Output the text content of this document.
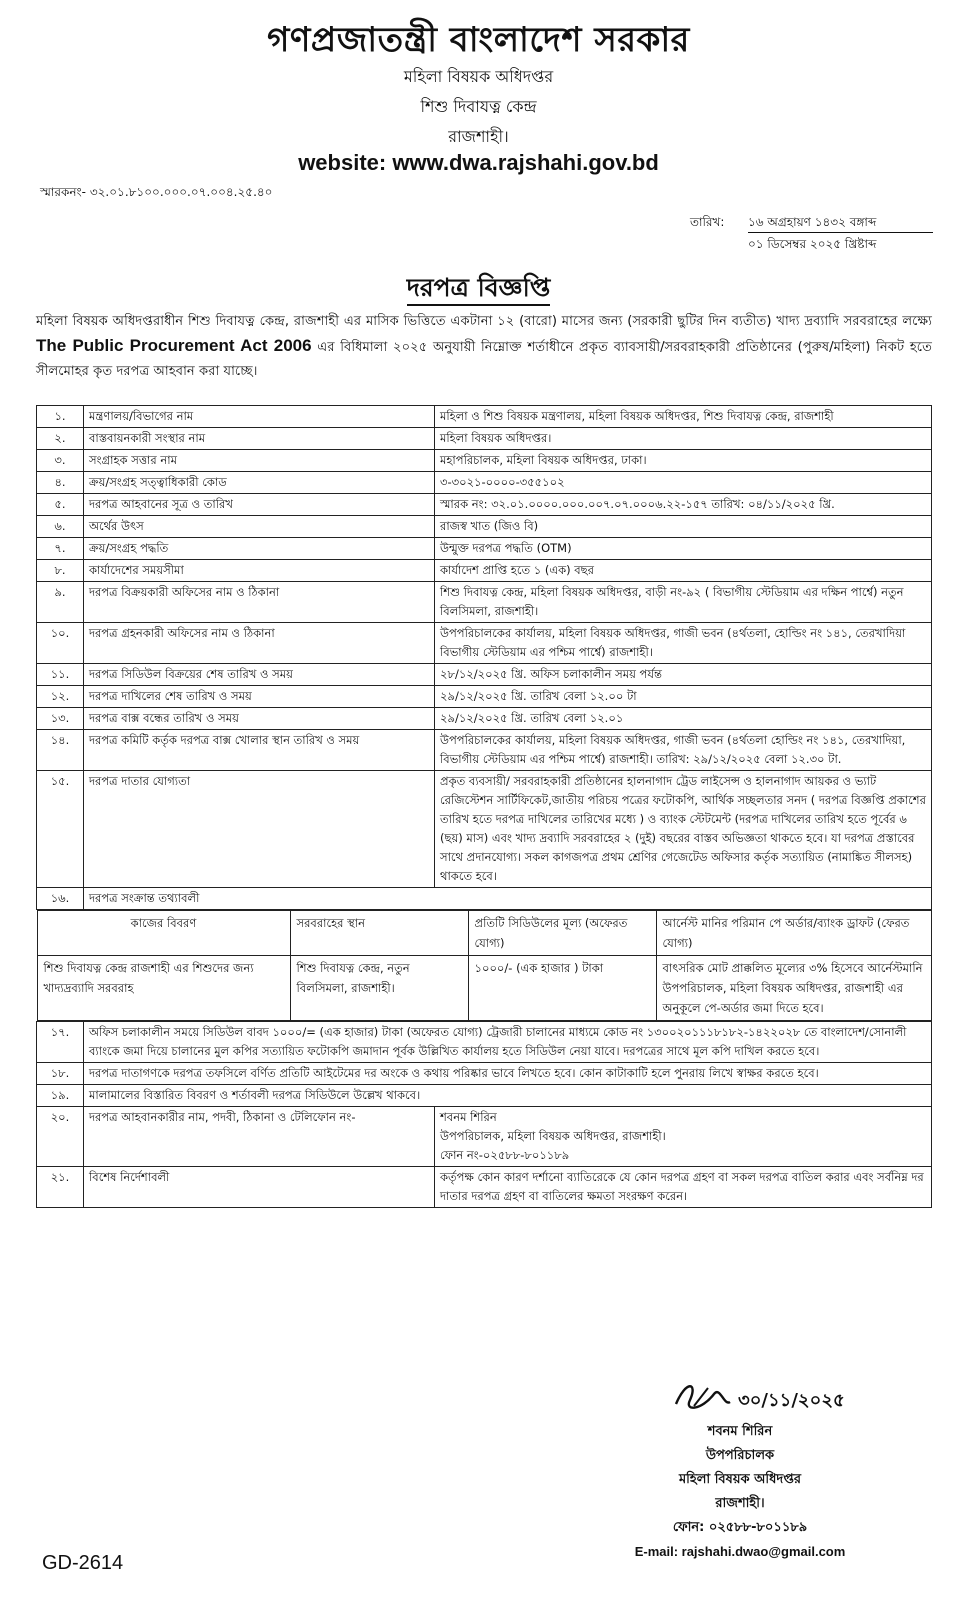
গণপ্রজাতন্ত্রী বাংলাদেশ সরকার
মহিলা বিষয়ক অধিদপ্তর
শিশু দিবাযত্ন কেন্দ্র
রাজশাহী।
website: www.dwa.rajshahi.gov.bd
স্মারকনং- ৩২.০১.৮১০০.০০০.০৭.০০৪.২৫.৪০
তারিখ: ১৬ অগ্রহায়ণ ১৪৩২ বঙ্গাব্দ
০১ ডিসেম্বর ২০২৫ খ্রিষ্টাব্দ
দরপত্র বিজ্ঞপ্তি
মহিলা বিষয়ক অধিদপ্তরাধীন শিশু দিবাযত্ন কেন্দ্র, রাজশাহী এর মাসিক ভিত্তিতে একটানা ১২ (বারো) মাসের জন্য (সরকারী ছুটির দিন ব্যতীত) খাদ্য দ্রব্যাদি সরবরাহের লক্ষ্যে The Public Procurement Act 2006 এর বিধিমালা ২০২৫ অনুযায়ী নিম্নোক্ত শর্তাধীনে প্রকৃত ব্যাবসায়ী/সরবরাহকারী প্রতিষ্ঠানের (পুরুষ/মহিলা) নিকট হতে সীলমোহর কৃত দরপত্র আহবান করা যাচ্ছে।
১.	মন্ত্রণালয়/বিভাগের নাম	মহিলা ও শিশু বিষয়ক মন্ত্রণালয়, মহিলা বিষয়ক অধিদপ্তর, শিশু দিবাযত্ন কেন্দ্র, রাজশাহী
২.	বাস্তবায়নকারী সংস্থার নাম	মহিলা বিষয়ক অধিদপ্তর।
৩.	সংগ্রাহক সত্তার নাম	মহাপরিচালক, মহিলা বিষয়ক অধিদপ্তর, ঢাকা।
৪.	ক্রয়/সংগ্রহ সত্ত্বাধিকারী কোড	৩-৩০২১-০০০০-৩৫৫১০২
৫.	দরপত্র আহবানের সূত্র ও তারিখ	স্মারক নং: ৩২.০১.০০০০.০০০.০০৭.০৭.০০০৬.২২-১৫৭ তারিখ: ০৪/১১/২০২৫ খ্রি.
৬.	অর্থের উৎস	রাজস্ব খাত (জিও বি)
৭.	ক্রয়/সংগ্রহ পদ্ধতি	উন্মুক্ত দরপত্র পদ্ধতি (OTM)
৮.	কার্যাদেশের সময়সীমা	কার্যাদেশ প্রাপ্তি হতে ১ (এক) বছর
৯.	দরপত্র বিক্রয়কারী অফিসের নাম ও ঠিকানা	শিশু দিবাযত্ন কেন্দ্র, মহিলা বিষয়ক অধিদপ্তর, বাড়ী নং-৯২ ( বিভাগীয় স্টেডিয়াম এর দক্ষিন পার্শ্বে) নতুন বিলসিমলা, রাজশাহী।
১০.	দরপত্র গ্রহনকারী অফিসের নাম ও ঠিকানা	উপপরিচালকের কার্যালয়, মহিলা বিষয়ক অধিদপ্তর, গাজী ভবন (৪র্থতলা, হোল্ডিং নং ১৪১, তেরখাদিয়া বিভাগীয় স্টেডিয়াম এর পশ্চিম পার্শ্বে) রাজশাহী।
১১.	দরপত্র সিডিউল বিক্রয়ের শেষ তারিখ ও সময়	২৮/১২/২০২৫ খ্রি. অফিস চলাকালীন সময় পর্যন্ত
১২.	দরপত্র দাখিলের শেষ তারিখ ও সময়	২৯/১২/২০২৫ খ্রি. তারিখ বেলা ১২.০০ টা
১৩.	দরপত্র বাক্স বন্ধের তারিখ ও সময়	২৯/১২/২০২৫ খ্রি. তারিখ বেলা ১২.০১
১৪.	দরপত্র কমিটি কর্তৃক দরপত্র বাক্স খোলার স্থান তারিখ ও সময়	উপপরিচালকের কার্যালয়, মহিলা বিষয়ক অধিদপ্তর, গাজী ভবন (৪র্থতলা হোল্ডিং নং ১৪১, তেরখাদিয়া, বিভাগীয় স্টেডিয়াম এর পশ্চিম পার্শ্বে) রাজশাহী। তারিখ: ২৯/১২/২০২৫ বেলা ১২.৩০ টা.
১৫.	দরপত্র দাতার যোগ্যতা	প্রকৃত ব্যবসায়ী/ সরবরাহকারী প্রতিষ্ঠানের হালনাগাদ ট্রেড লাইসেন্স ও হালনাগাদ আয়কর ও ভ্যাট রেজিস্টেশন সার্টিফিকেট,জাতীয় পরিচয় পত্রের ফটোকপি, আর্থিক সচ্ছলতার সনদ ( দরপত্র বিজ্ঞপ্তি প্রকাশের তারিখ হতে দরপত্র দাখিলের তারিখের মধ্যে ) ও ব্যাংক স্টেটমেন্ট (দরপত্র দাখিলের তারিখ হতে পূর্বের ৬ (ছয়) মাস) এবং খাদ্য দ্রব্যাদি সরবরাহের ২ (দুই) বছরের বাস্তব অভিজ্ঞতা থাকতে হবে। যা দরপত্র প্রস্তাবের সাথে প্রদানযোগ্য। সকল কাগজপত্র প্রথম শ্রেণির গেজেটেড অফিসার কর্তৃক সত্যায়িত (নামাঙ্কিত সীলসহ) থাকতে হবে।
১৬.	দরপত্র সংক্রান্ত তথ্যাবলী

কাজের বিবরণ	সরবরাহের স্থান	প্রতিটি সিডিউলের মূল্য (অফেরত যোগ্য)	আর্নেস্ট মানির পরিমান পে অর্ডার/ব্যাংক ড্রাফট (ফেরত যোগ্য)
শিশু দিবাযত্ন কেন্দ্র রাজশাহী এর শিশুদের জন্য খাদ্যদ্রব্যাদি সরবরাহ	শিশু দিবাযত্ন কেন্দ্র, নতুন বিলসিমলা, রাজশাহী।	১০০০/- (এক হাজার ) টাকা	বাৎসরিক মোট প্রাক্কলিত মূল্যের ৩% হিসেবে আর্নেস্টমানি উপপরিচালক, মহিলা বিষয়ক অধিদপ্তর, রাজশাহী এর অনুকূলে পে-অর্ডার জমা দিতে হবে।

১৭.	অফিস চলাকালীন সময়ে সিডিউল বাবদ ১০০০/= (এক হাজার) টাকা (অফেরত যোগ্য) ট্রেজারী চালানের মাধ্যমে কোড নং ১৩০০২০১১১৮১৮২-১৪২২০২৮ তে বাংলাদেশ/সোনালী ব্যাংকে জমা দিয়ে চালানের মুল কপির সত্যায়িত ফটোকপি জমাদান পূর্বক উল্লিখিত কার্যালয় হতে সিডিউল নেয়া যাবে। দরপত্রের সাথে মূল কপি দাখিল করতে হবে।
১৮.	দরপত্র দাতাগণকে দরপত্র তফসিলে বর্ণিত প্রতিটি আইটেমের দর অংকে ও কথায় পরিষ্কার ভাবে লিখতে হবে। কোন কাটাকাটি হলে পুনরায় লিখে স্বাক্ষর করতে হবে।
১৯.	মালামালের বিস্তারিত বিবরণ ও শর্তাবলী দরপত্র সিডিউলে উল্লেখ থাকবে।
২০.	দরপত্র আহবানকারীর নাম, পদবী, ঠিকানা ও টেলিফোন নং-	শবনম শিরিন
উপপরিচালক, মহিলা বিষয়ক অধিদপ্তর, রাজশাহী।
ফোন নং-০২৫৮৮-৮০১১৮৯

২১.	বিশেষ নির্দেশাবলী	কর্তৃপক্ষ কোন কারণ দর্শানো ব্যাতিরেকে যে কোন দরপত্র গ্রহণ বা সকল দরপত্র বাতিল করার এবং সর্বনিম্ন দর দাতার দরপত্র গ্রহণ বা বাতিলের ক্ষমতা সংরক্ষণ করেন।
৩০/১১/২০২৫
শবনম শিরিন
উপপরিচালক
মহিলা বিষয়ক অধিদপ্তর
রাজশাহী।
ফোন: ০২৫৮৮-৮০১১৮৯
E-mail: rajshahi.dwao@gmail.com
GD-2614
